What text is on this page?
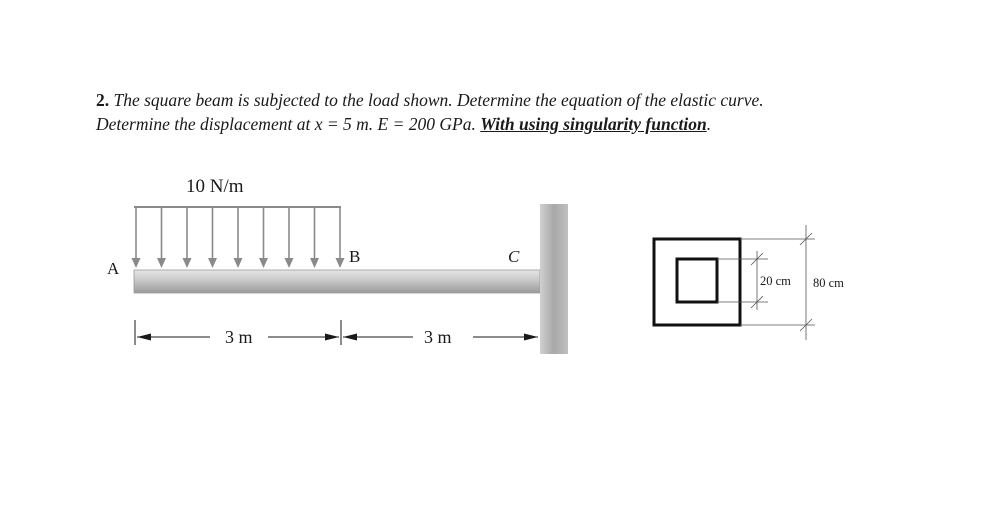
2. The square beam is subjected to the load shown. Determine the equation of the elastic curve.
Determine the displacement at x = 5 m. E = 200 GPa. With using singularity function.
10 N/m
A
B	C
3 m	3 m
20 cm 80 cm
